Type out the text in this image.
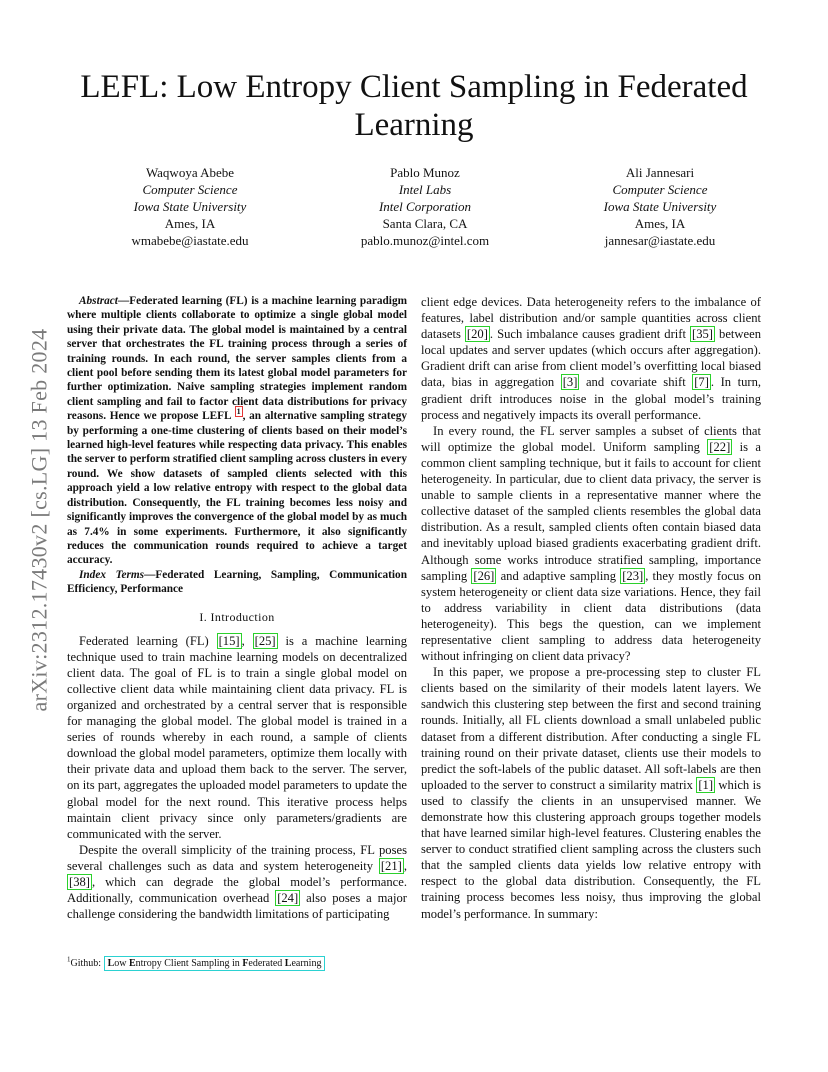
arXiv:2312.17430v2 [cs.LG] 13 Feb 2024
LEFL: Low Entropy Client Sampling in Federated Learning
Waqwoya Abebe
Computer Science
Iowa State University
Ames, IA
wmabebe@iastate.edu
Pablo Munoz
Intel Labs
Intel Corporation
Santa Clara, CA
pablo.munoz@intel.com
Ali Jannesari
Computer Science
Iowa State University
Ames, IA
jannesar@iastate.edu

Abstract—Federated learning (FL) is a machine learning paradigm where multiple clients collaborate to optimize a single global model using their private data. The global model is maintained by a central server that orchestrates the FL training process through a series of training rounds. In each round, the server samples clients from a client pool before sending them its latest global model parameters for further optimization. Naive sampling strategies implement random client sampling and fail to factor client data distributions for privacy reasons. Hence we propose LEFL $^1$ , an alternative sampling strategy by performing a one-time clustering of clients based on their model’s learned high-level features while respecting data privacy. This enables the server to perform stratified client sampling across clusters in every round. We show datasets of sampled clients selected with this approach yield a low relative entropy with respect to the global data distribution. Consequently, the FL training becomes less noisy and significantly improves the convergence of the global model by as much as 7.4% in some experiments. Furthermore, it also significantly reduces the communication rounds required to achieve a target accuracy.

Index Terms—Federated Learning, Sampling, Communication Efficiency, Performance

I. Introduction

Federated learning (FL) [15] , [25] is a machine learning technique used to train machine learning models on decentralized client data. The goal of FL is to train a single global model on collective client data while maintaining client data privacy. FL is organized and orchestrated by a central server that is responsible for managing the global model. The global model is trained in a series of rounds whereby in each round, a sample of clients download the global model parameters, optimize them locally with their private data and upload them back to the server. The server, on its part, aggregates the uploaded model parameters to update the global model for the next round. This iterative process helps maintain client privacy since only parameters/gradients are communicated with the server.

Despite the overall simplicity of the training process, FL poses several challenges such as data and system heterogeneity [21] , [38] , which can degrade the global model’s performance. Additionally, communication overhead [24] also poses a major challenge considering the bandwidth limitations of participating

client edge devices. Data heterogeneity refers to the imbalance of features, label distribution and/or sample quantities across client datasets [20] . Such imbalance causes gradient drift [35] between local updates and server updates (which occurs after aggregation). Gradient drift can arise from client model’s overfitting local biased data, bias in aggregation [3] and covariate shift [7] . In turn, gradient drift introduces noise in the global model’s training process and negatively impacts its overall performance.

In every round, the FL server samples a subset of clients that will optimize the global model. Uniform sampling [22] is a common client sampling technique, but it fails to account for client heterogeneity. In particular, due to client data privacy, the server is unable to sample clients in a representative manner where the collective dataset of the sampled clients resembles the global data distribution. As a result, sampled clients often contain biased data and inevitably upload biased gradients exacerbating gradient drift. Although some works introduce stratified sampling, importance sampling [26] and adaptive sampling [23] , they mostly focus on system heterogeneity or client data size variations. Hence, they fail to address variability in client data distributions (data heterogeneity). This begs the question, can we implement representative client sampling to address data heterogeneity without infringing on client data privacy?

In this paper, we propose a pre-processing step to cluster FL clients based on the similarity of their models latent layers. We sandwich this clustering step between the first and second training rounds. Initially, all FL clients download a small unlabeled public dataset from a different distribution. After conducting a single FL training round on their private dataset, clients use their models to predict the soft-labels of the public dataset. All soft-labels are then uploaded to the server to construct a similarity matrix [1] which is used to classify the clients in an unsupervised manner. We demonstrate how this clustering approach groups together models that have learned similar high-level features. Clustering enables the server to conduct stratified client sampling across the clusters such that the sampled clients data yields low relative entropy with respect to the global data distribution. Consequently, the FL training process becomes less noisy, thus improving the global model’s performance. In summary:

$^1$Github: Low Entropy Client Sampling in Federated Learning
